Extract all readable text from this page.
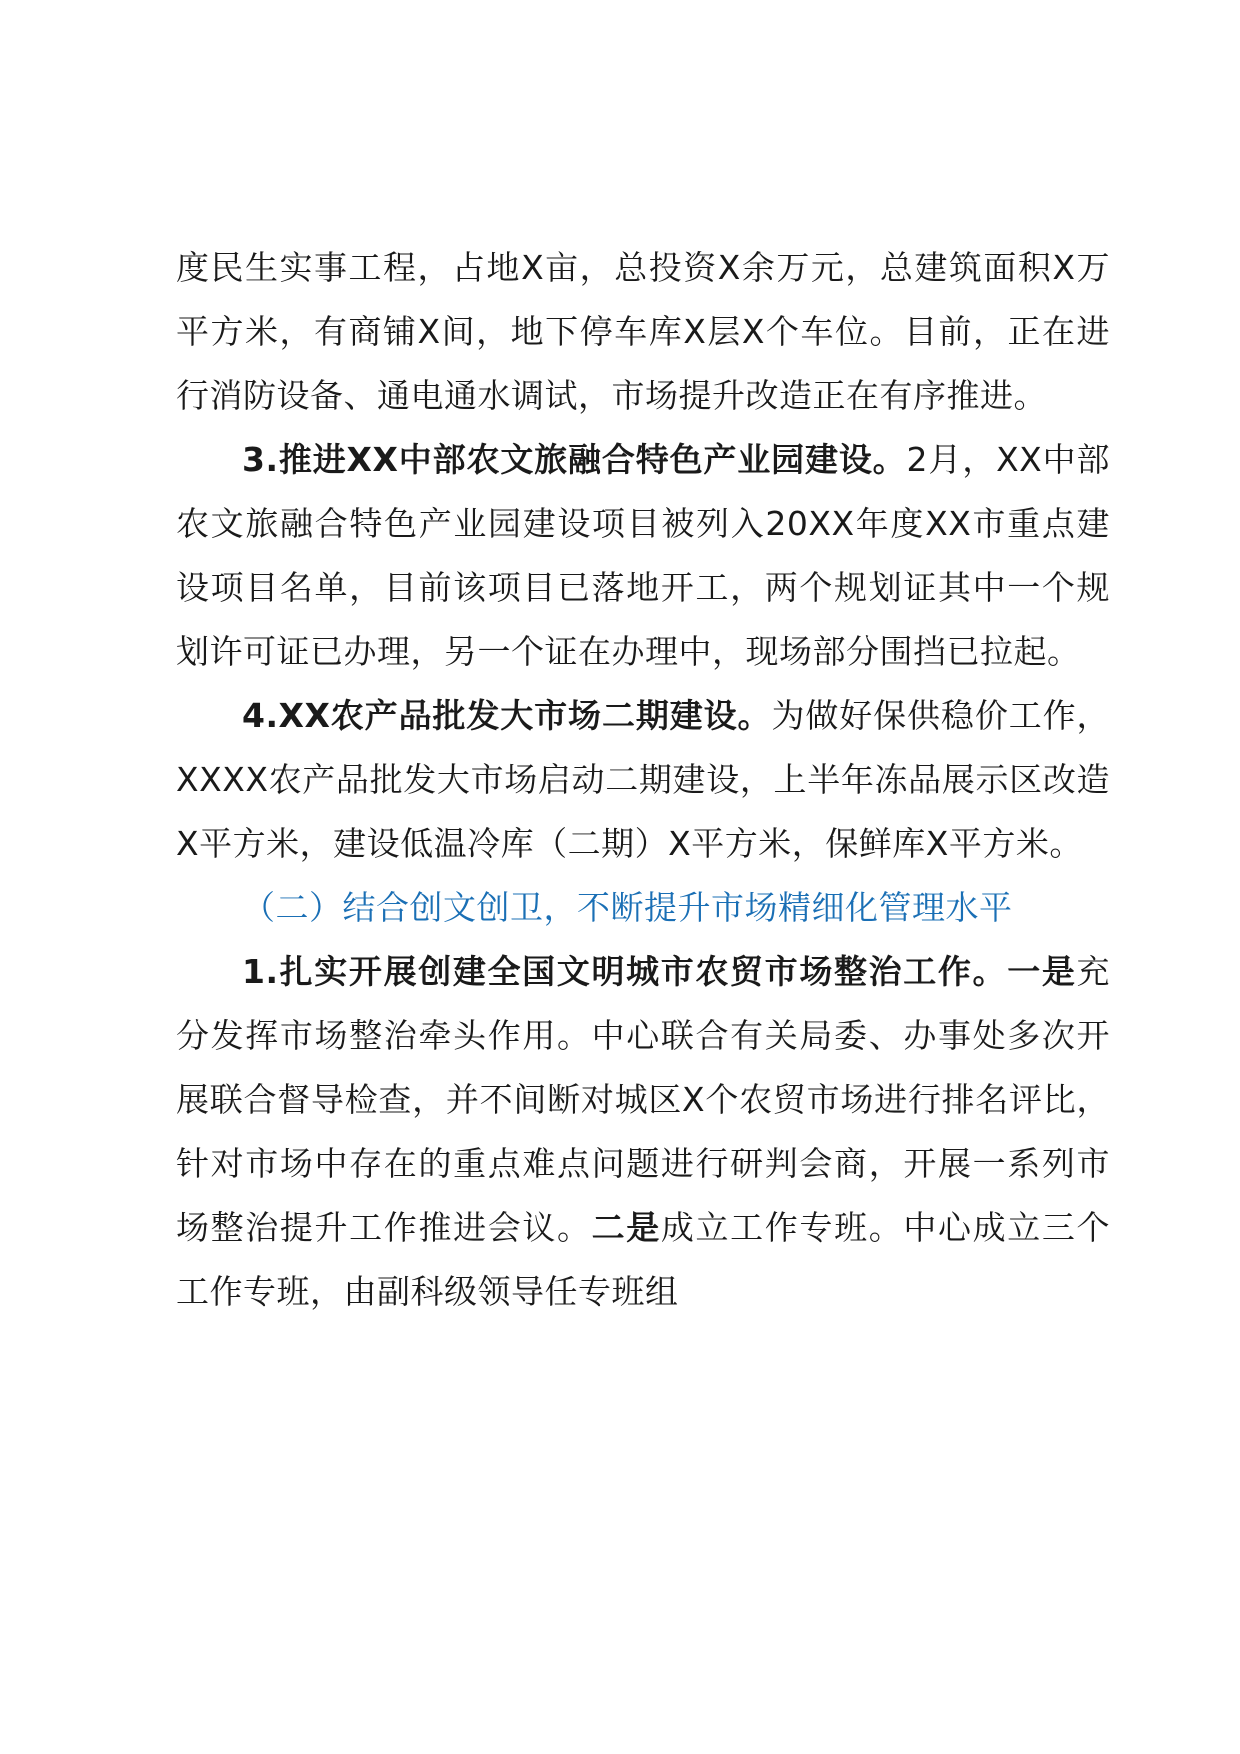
度民生实事工程，占地X亩，总投资X余万元，总建筑面积X万平方米，有商铺X间，地下停车库X层X个车位。目前，正在进行消防设备、通电通水调试，市场提升改造正在有序推进。

3.推进XX中部农文旅融合特色产业园建设。2月，XX中部农文旅融合特色产业园建设项目被列入20XX年度XX市重点建设项目名单，目前该项目已落地开工，两个规划证其中一个规划许可证已办理，另一个证在办理中，现场部分围挡已拉起。

4.XX农产品批发大市场二期建设。为做好保供稳价工作，XXXX农产品批发大市场启动二期建设，上半年冻品展示区改造X平方米，建设低温冷库（二期）X平方米，保鲜库X平方米。

（二）结合创文创卫，不断提升市场精细化管理水平

1.扎实开展创建全国文明城市农贸市场整治工作。一是充分发挥市场整治牵头作用。中心联合有关局委、办事处多次开展联合督导检查，并不间断对城区X个农贸市场进行排名评比，针对市场中存在的重点难点问题进行研判会商，开展一系列市场整治提升工作推进会议。二是成立工作专班。中心成立三个工作专班，由副科级领导任专班组
